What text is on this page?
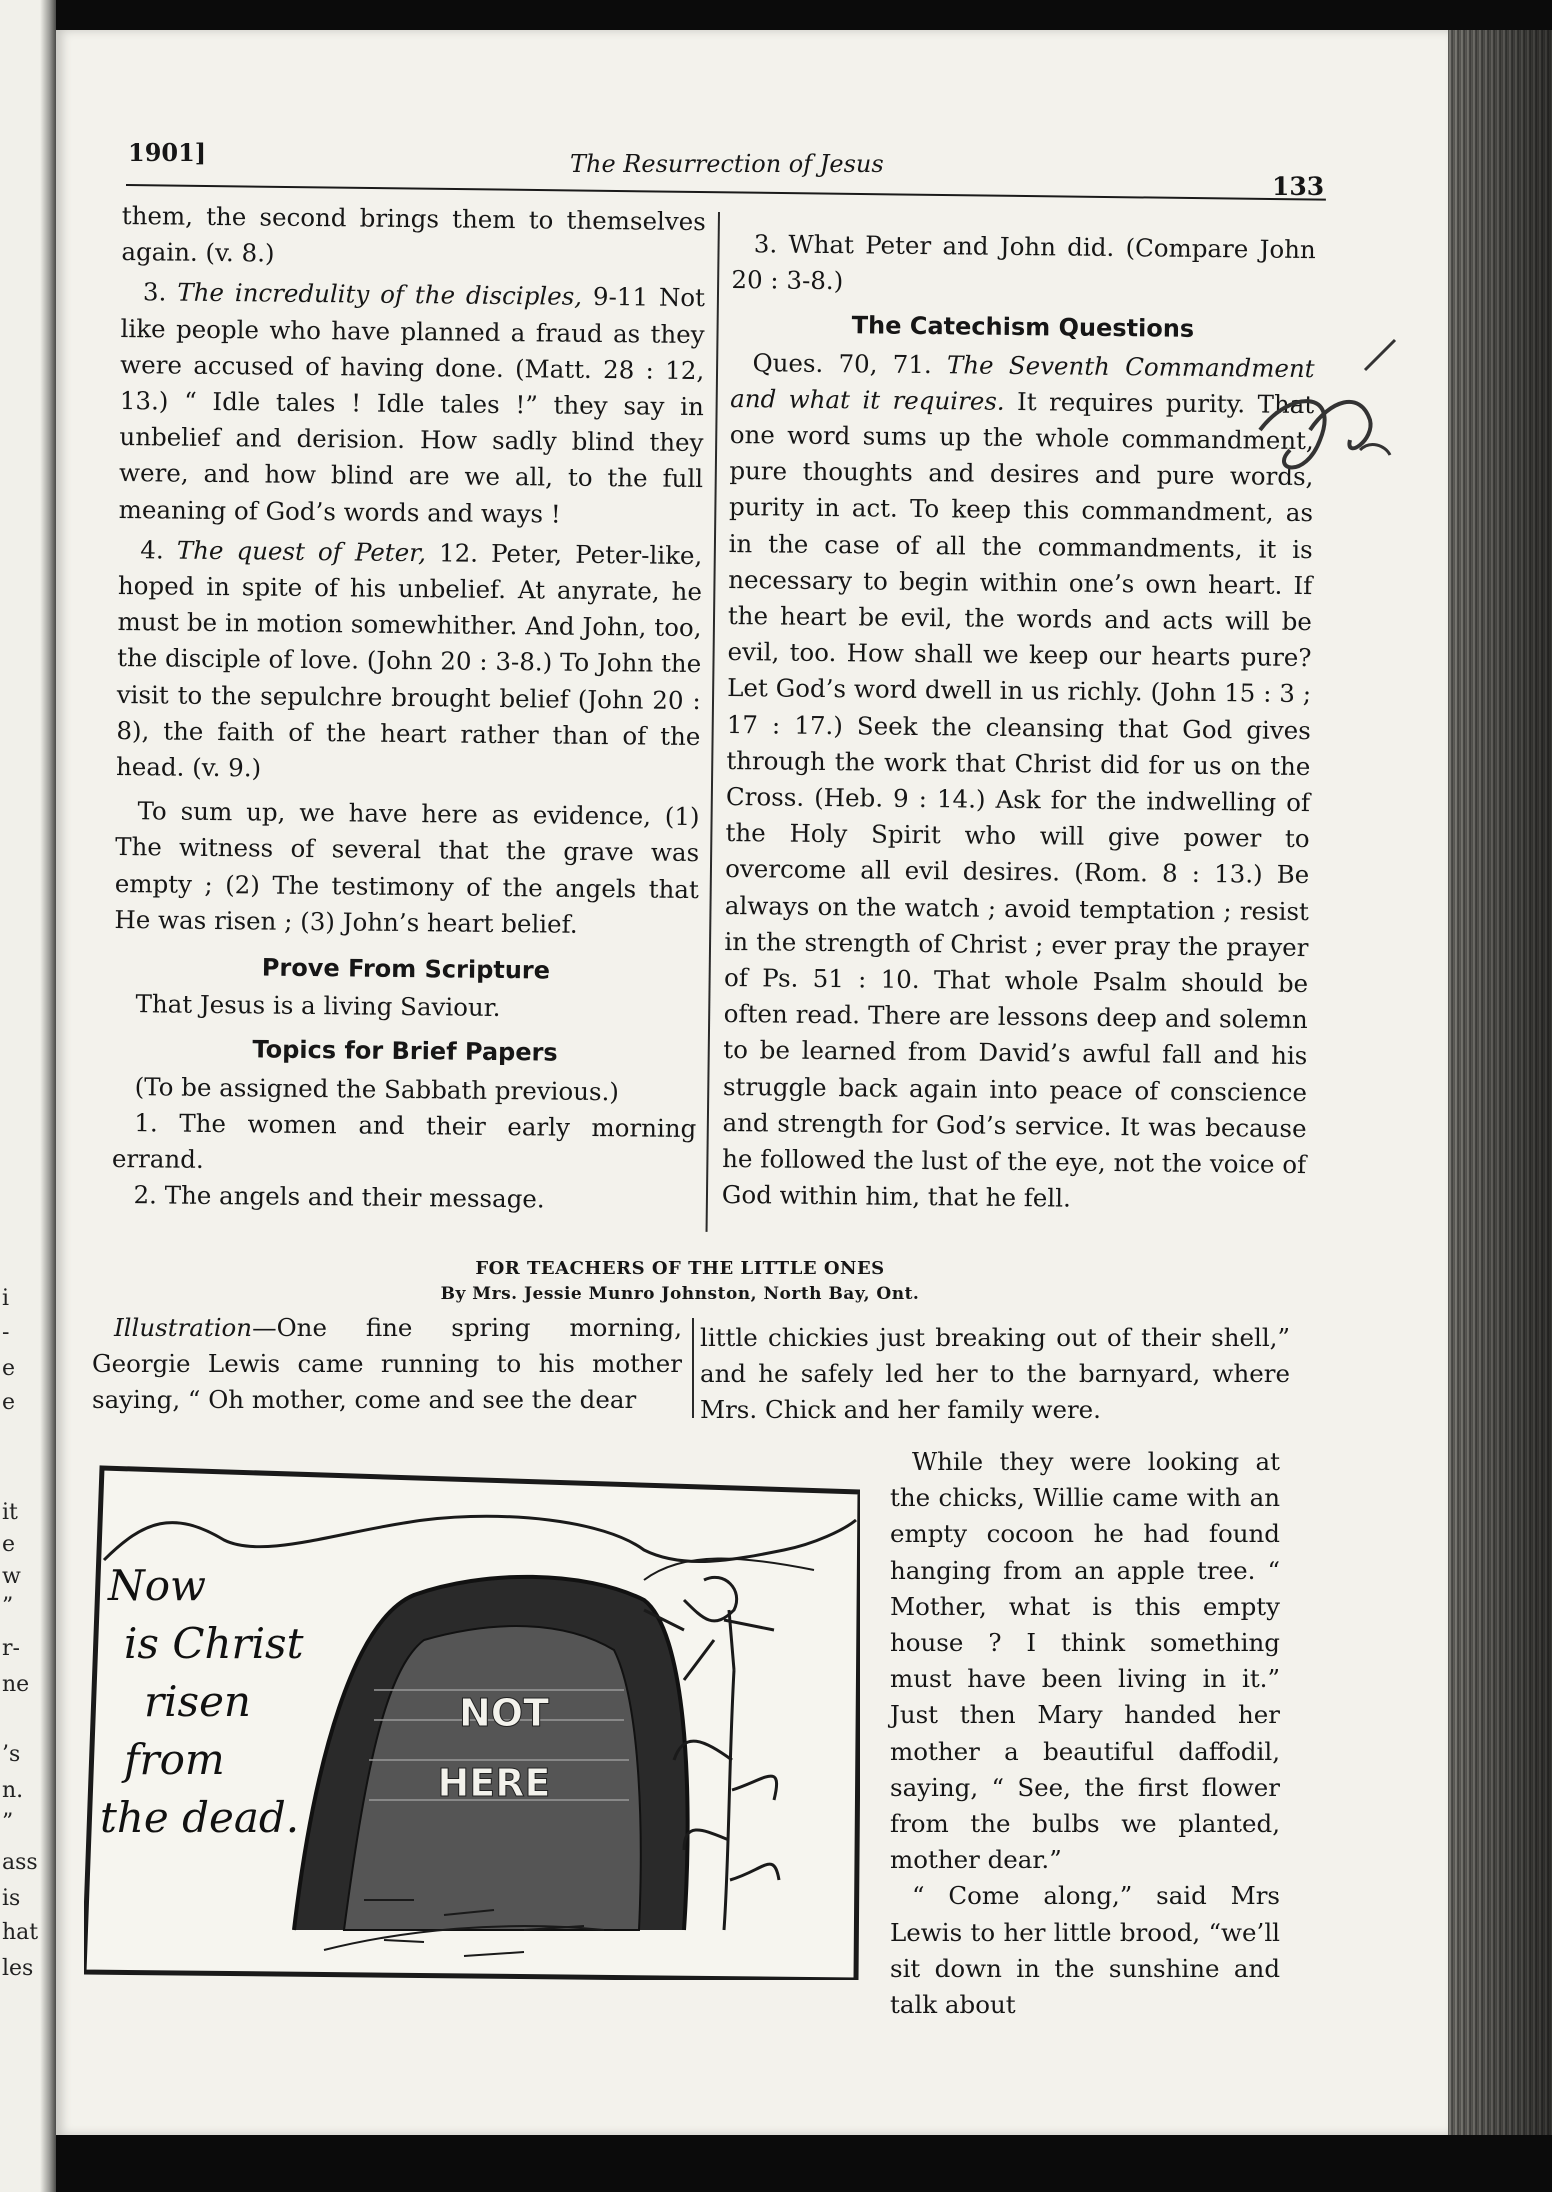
i
-
e
e
it
e
w
”
r-
ne
’s
n.
”
ass
is
hat
les
1901]	The Resurrection of Jesus
133

them, the second brings them to themselves again. (v. 8.)

3. The incredulity of the disciples, 9-11 Not like people who have planned a fraud as they were accused of having done. (Matt. 28 : 12, 13.) “ Idle tales ! Idle tales !” they say in unbelief and derision. How sadly blind they were, and how blind are we all, to the full meaning of God’s words and ways !

4. The quest of Peter, 12. Peter, Peter-like, hoped in spite of his unbelief. At anyrate, he must be in motion somewhither. And John, too, the disciple of love. (John 20 : 3-8.) To John the visit to the sepulchre brought belief (John 20 : 8), the faith of the heart rather than of the head. (v. 9.)

To sum up, we have here as evidence, (1) The witness of several that the grave was empty ; (2) The testimony of the angels that He was risen ; (3) John’s heart belief.

Prove From Scripture

That Jesus is a living Saviour.

Topics for Brief Papers

(To be assigned the Sabbath previous.)

1. The women and their early morning errand.

2. The angels and their message.

3. What Peter and John did. (Compare John 20 : 3-8.)

The Catechism Questions

Ques. 70, 71. The Seventh Commandment and what it requires. It requires purity. That one word sums up the whole commandment, pure thoughts and desires and pure words, purity in act. To keep this commandment, as in the case of all the commandments, it is necessary to begin within one’s own heart. If the heart be evil, the words and acts will be evil, too. How shall we keep our hearts pure? Let God’s word dwell in us richly. (John 15 : 3 ; 17 : 17.) Seek the cleansing that God gives through the work that Christ did for us on the Cross. (Heb. 9 : 14.) Ask for the indwelling of the Holy Spirit who will give power to overcome all evil desires. (Rom. 8 : 13.) Be always on the watch ; avoid temptation ; resist in the strength of Christ ; ever pray the prayer of Ps. 51 : 10. That whole Psalm should be often read. There are lessons deep and solemn to be learned from David’s awful fall and his struggle back again into peace of conscience and strength for God’s service. It was because he followed the lust of the eye, not the voice of God within him, that he fell.

FOR TEACHERS OF THE LITTLE ONES
By Mrs. Jessie Munro Johnston, North Bay, Ont.

Illustration—One fine spring morning, Georgie Lewis came running to his mother saying, “ Oh mother, come and see the dear

little chickies just breaking out of their shell,” and he safely led her to the barnyard, where Mrs. Chick and her family were.

While they were looking at the chicks, Willie came with an empty cocoon he had found hanging from an apple tree. “ Mother, what is this empty house ? I think something must have been living in it.” Just then Mary handed her mother a beautiful daffodil, saying, “ See, the first flower from the bulbs we planted, mother dear.”

“ Come along,” said Mrs Lewis to her little brood, “we’ll sit down in the sunshine and talk about

NOT
HERE
Now
is Christ
risen
from
the dead.
